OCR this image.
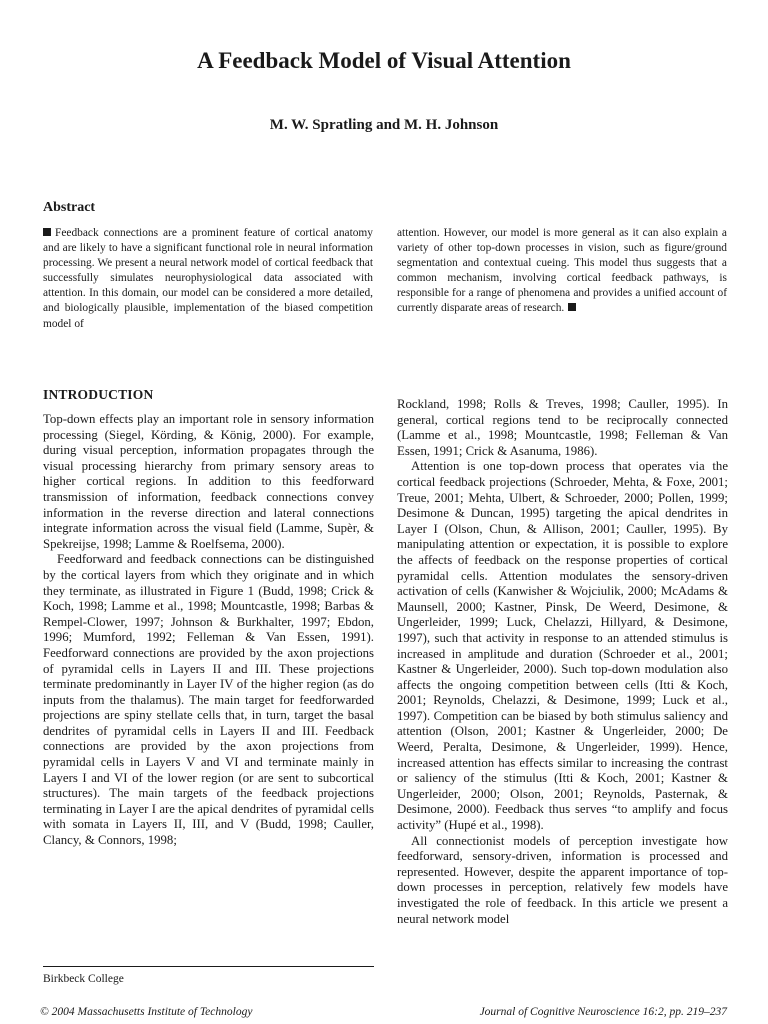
A Feedback Model of Visual Attention
M. W. Spratling and M. H. Johnson
Abstract
Feedback connections are a prominent feature of cortical anatomy and are likely to have a significant functional role in neural information processing. We present a neural network model of cortical feedback that successfully simulates neurophysiological data associated with attention. In this domain, our model can be considered a more detailed, and biologically plausible, implementation of the biased competition model of
attention. However, our model is more general as it can also explain a variety of other top-down processes in vision, such as figure/ground segmentation and contextual cueing. This model thus suggests that a common mechanism, involving cortical feedback pathways, is responsible for a range of phenomena and provides a unified account of currently disparate areas of research.
INTRODUCTION

Top-down effects play an important role in sensory information processing (Siegel, Körding, & König, 2000). For example, during visual perception, information propagates through the visual processing hierarchy from primary sensory areas to higher cortical regions. In addition to this feedforward transmission of information, feedback connections convey information in the reverse direction and lateral connections integrate information across the visual field (Lamme, Supèr, & Spekreijse, 1998; Lamme & Roelfsema, 2000).

Feedforward and feedback connections can be distinguished by the cortical layers from which they originate and in which they terminate, as illustrated in Figure 1 (Budd, 1998; Crick & Koch, 1998; Lamme et al., 1998; Mountcastle, 1998; Barbas & Rempel-Clower, 1997; Johnson & Burkhalter, 1997; Ebdon, 1996; Mumford, 1992; Felleman & Van Essen, 1991). Feedforward connections are provided by the axon projections of pyramidal cells in Layers II and III. These projections terminate predominantly in Layer IV of the higher region (as do inputs from the thalamus). The main target for feedforwarded projections are spiny stellate cells that, in turn, target the basal dendrites of pyramidal cells in Layers II and III. Feedback connections are provided by the axon projections from pyramidal cells in Layers V and VI and terminate mainly in Layers I and VI of the lower region (or are sent to subcortical structures). The main targets of the feedback projections terminating in Layer I are the apical dendrites of pyramidal cells with somata in Layers II, III, and V (Budd, 1998; Cauller, Clancy, & Connors, 1998;

Rockland, 1998; Rolls & Treves, 1998; Cauller, 1995). In general, cortical regions tend to be reciprocally connected (Lamme et al., 1998; Mountcastle, 1998; Felleman & Van Essen, 1991; Crick & Asanuma, 1986).

Attention is one top-down process that operates via the cortical feedback projections (Schroeder, Mehta, & Foxe, 2001; Treue, 2001; Mehta, Ulbert, & Schroeder, 2000; Pollen, 1999; Desimone & Duncan, 1995) targeting the apical dendrites in Layer I (Olson, Chun, & Allison, 2001; Cauller, 1995). By manipulating attention or expectation, it is possible to explore the affects of feedback on the response properties of cortical pyramidal cells. Attention modulates the sensory-driven activation of cells (Kanwisher & Wojciulik, 2000; McAdams & Maunsell, 2000; Kastner, Pinsk, De Weerd, Desimone, & Ungerleider, 1999; Luck, Chelazzi, Hillyard, & Desimone, 1997), such that activity in response to an attended stimulus is increased in amplitude and duration (Schroeder et al., 2001; Kastner & Ungerleider, 2000). Such top-down modulation also affects the ongoing competition between cells (Itti & Koch, 2001; Reynolds, Chelazzi, & Desimone, 1999; Luck et al., 1997). Competition can be biased by both stimulus saliency and attention (Olson, 2001; Kastner & Ungerleider, 2000; De Weerd, Peralta, Desimone, & Ungerleider, 1999). Hence, increased attention has effects similar to increasing the contrast or saliency of the stimulus (Itti & Koch, 2001; Kastner & Ungerleider, 2000; Olson, 2001; Reynolds, Pasternak, & Desimone, 2000). Feedback thus serves “to amplify and focus activity” (Hupé et al., 1998).

All connectionist models of perception investigate how feedforward, sensory-driven, information is processed and represented. However, despite the apparent importance of top-down processes in perception, relatively few models have investigated the role of feedback. In this article we present a neural network model

Birkbeck College
© 2004 Massachusetts Institute of Technology	Journal of Cognitive Neuroscience 16:2, pp. 219–237
